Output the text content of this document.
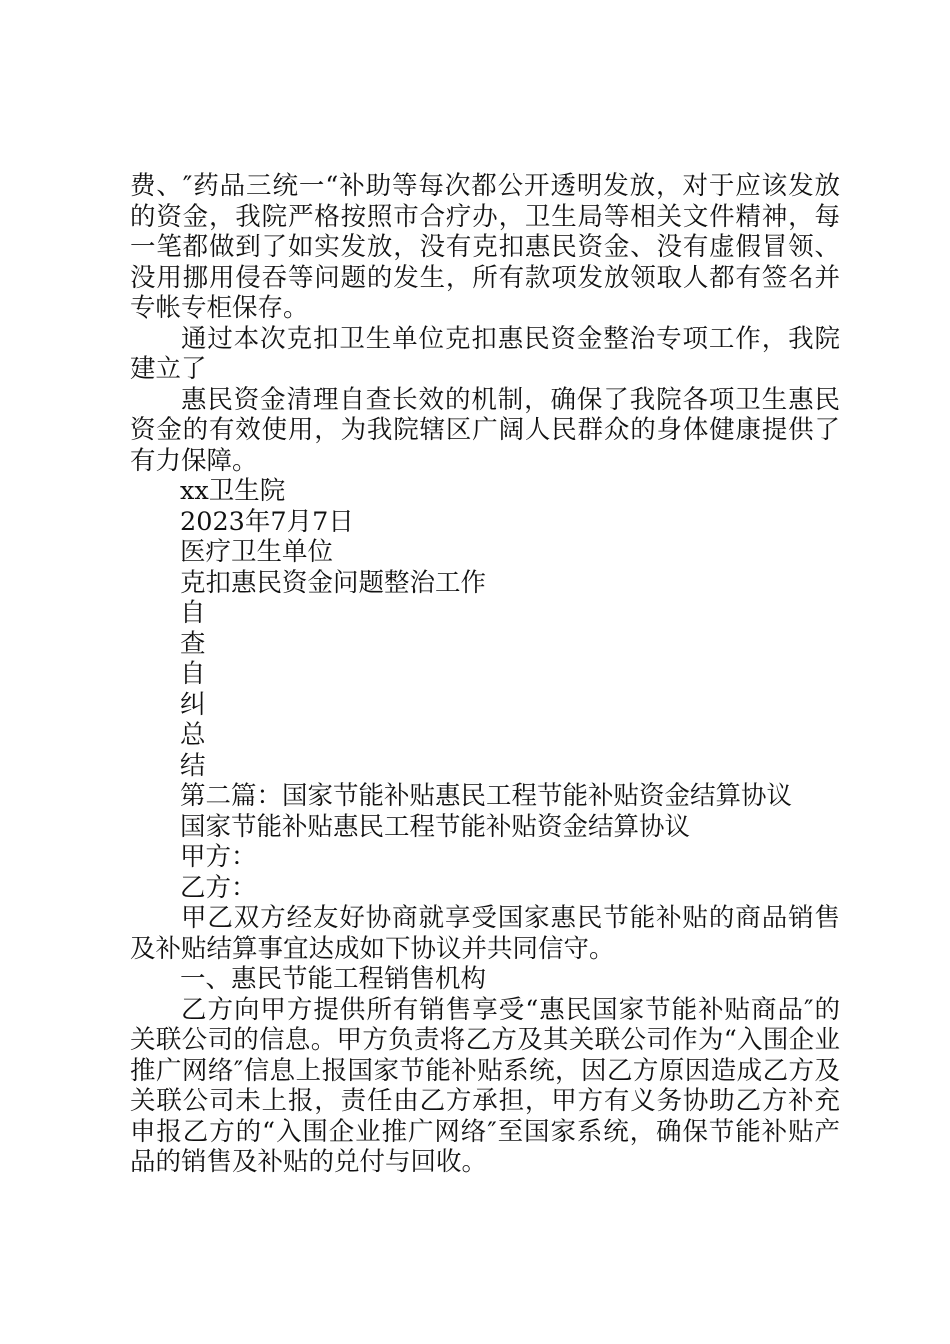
费、″药品三统一“补助等每次都公开透明发放，对于应该发放的资金，我院严格按照市合疗办，卫生局等相关文件精神，每一笔都做到了如实发放，没有克扣惠民资金、没有虚假冒领、没用挪用侵吞等问题的发生，所有款项发放领取人都有签名并专帐专柜保存。

通过本次克扣卫生单位克扣惠民资金整治专项工作，我院建立了

惠民资金清理自查长效的机制，确保了我院各项卫生惠民资金的有效使用，为我院辖区广阔人民群众的身体健康提供了有力保障。

xx卫生院
2023年7月7日
医疗卫生单位
克扣惠民资金问题整治工作
自
查
自
纠
总
结
第二篇：国家节能补贴惠民工程节能补贴资金结算协议
国家节能补贴惠民工程节能补贴资金结算协议
甲方：
乙方：

甲乙双方经友好协商就享受国家惠民节能补贴的商品销售及补贴结算事宜达成如下协议并共同信守。

一、惠民节能工程销售机构

乙方向甲方提供所有销售享受“惠民国家节能补贴商品″的关联公司的信息。甲方负责将乙方及其关联公司作为“入围企业推广网络″信息上报国家节能补贴系统，因乙方原因造成乙方及关联公司未上报，责任由乙方承担，甲方有义务协助乙方补充申报乙方的“入围企业推广网络″至国家系统，确保节能补贴产品的销售及补贴的兑付与回收。
